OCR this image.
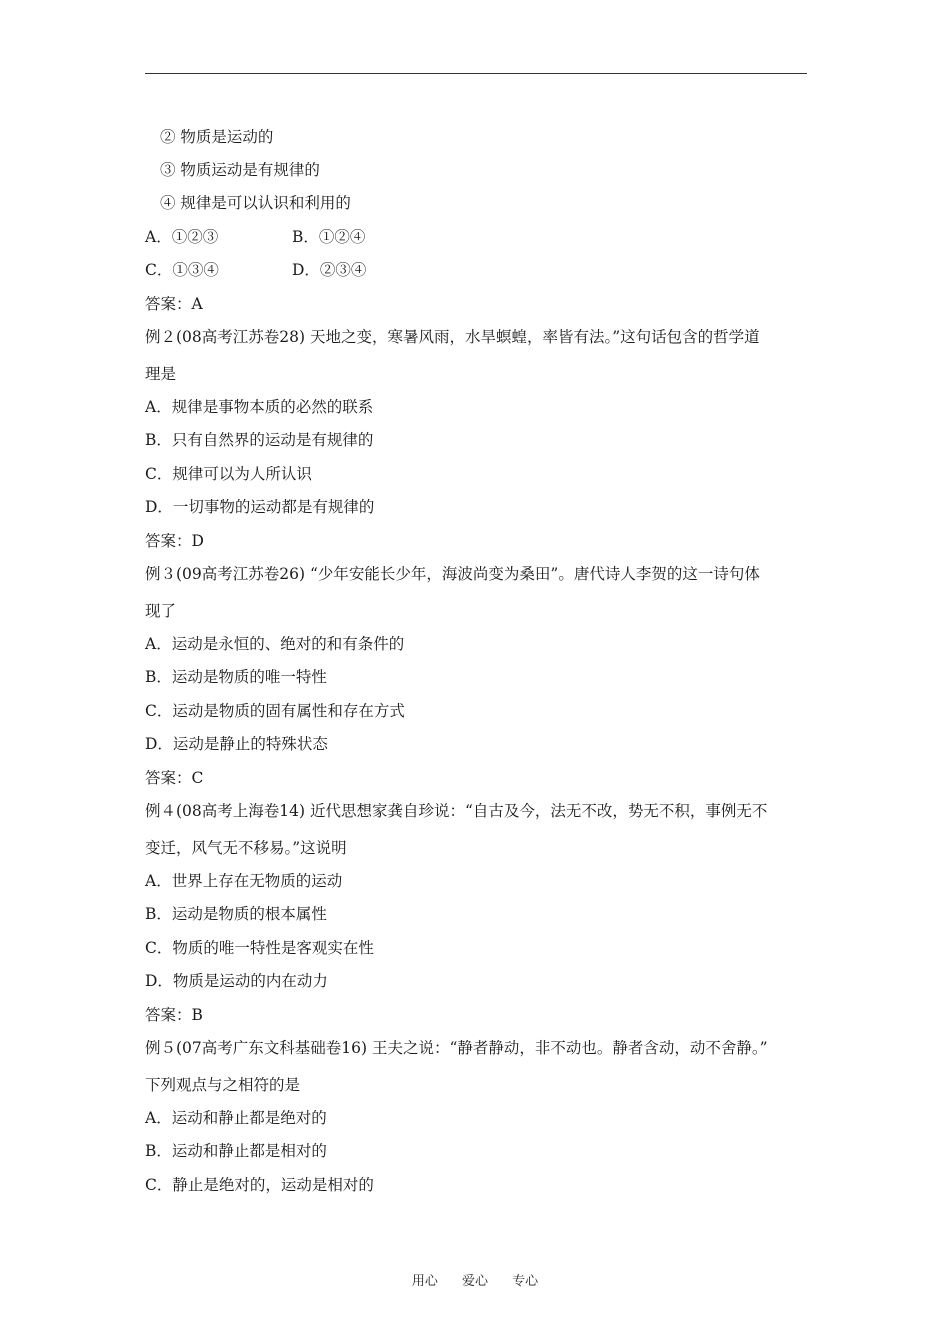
② 物质是运动的
③ 物质运动是有规律的
④ 规律是可以认识和利用的
A．①②③	B．①②④
C．①③④	D．②③④
答案：A
例２(08高考江苏卷28) 天地之变，寒暑风雨，水旱螟蝗，率皆有法。”这句话包含的哲学道
理是
A．规律是事物本质的必然的联系
B．只有自然界的运动是有规律的
C．规律可以为人所认识
D．一切事物的运动都是有规律的
答案：D
例３(09高考江苏卷26) “少年安能长少年，海波尚变为桑田”。唐代诗人李贺的这一诗句体
现了
A．运动是永恒的、绝对的和有条件的
B．运动是物质的唯一特性
C．运动是物质的固有属性和存在方式
D．运动是静止的特殊状态
答案：C
例４(08高考上海卷14) 近代思想家龚自珍说：“自古及今，法无不改，势无不积，事例无不
变迁，风气无不移易。”这说明
A．世界上存在无物质的运动
B．运动是物质的根本属性
C．物质的唯一特性是客观实在性
D．物质是运动的内在动力
答案：B
例５(07高考广东文科基础卷16) 王夫之说：“静者静动，非不动也。静者含动，动不舍静。”
下列观点与之相符的是
A．运动和静止都是绝对的
B．运动和静止都是相对的
C．静止是绝对的，运动是相对的
用心 爱心 专心
